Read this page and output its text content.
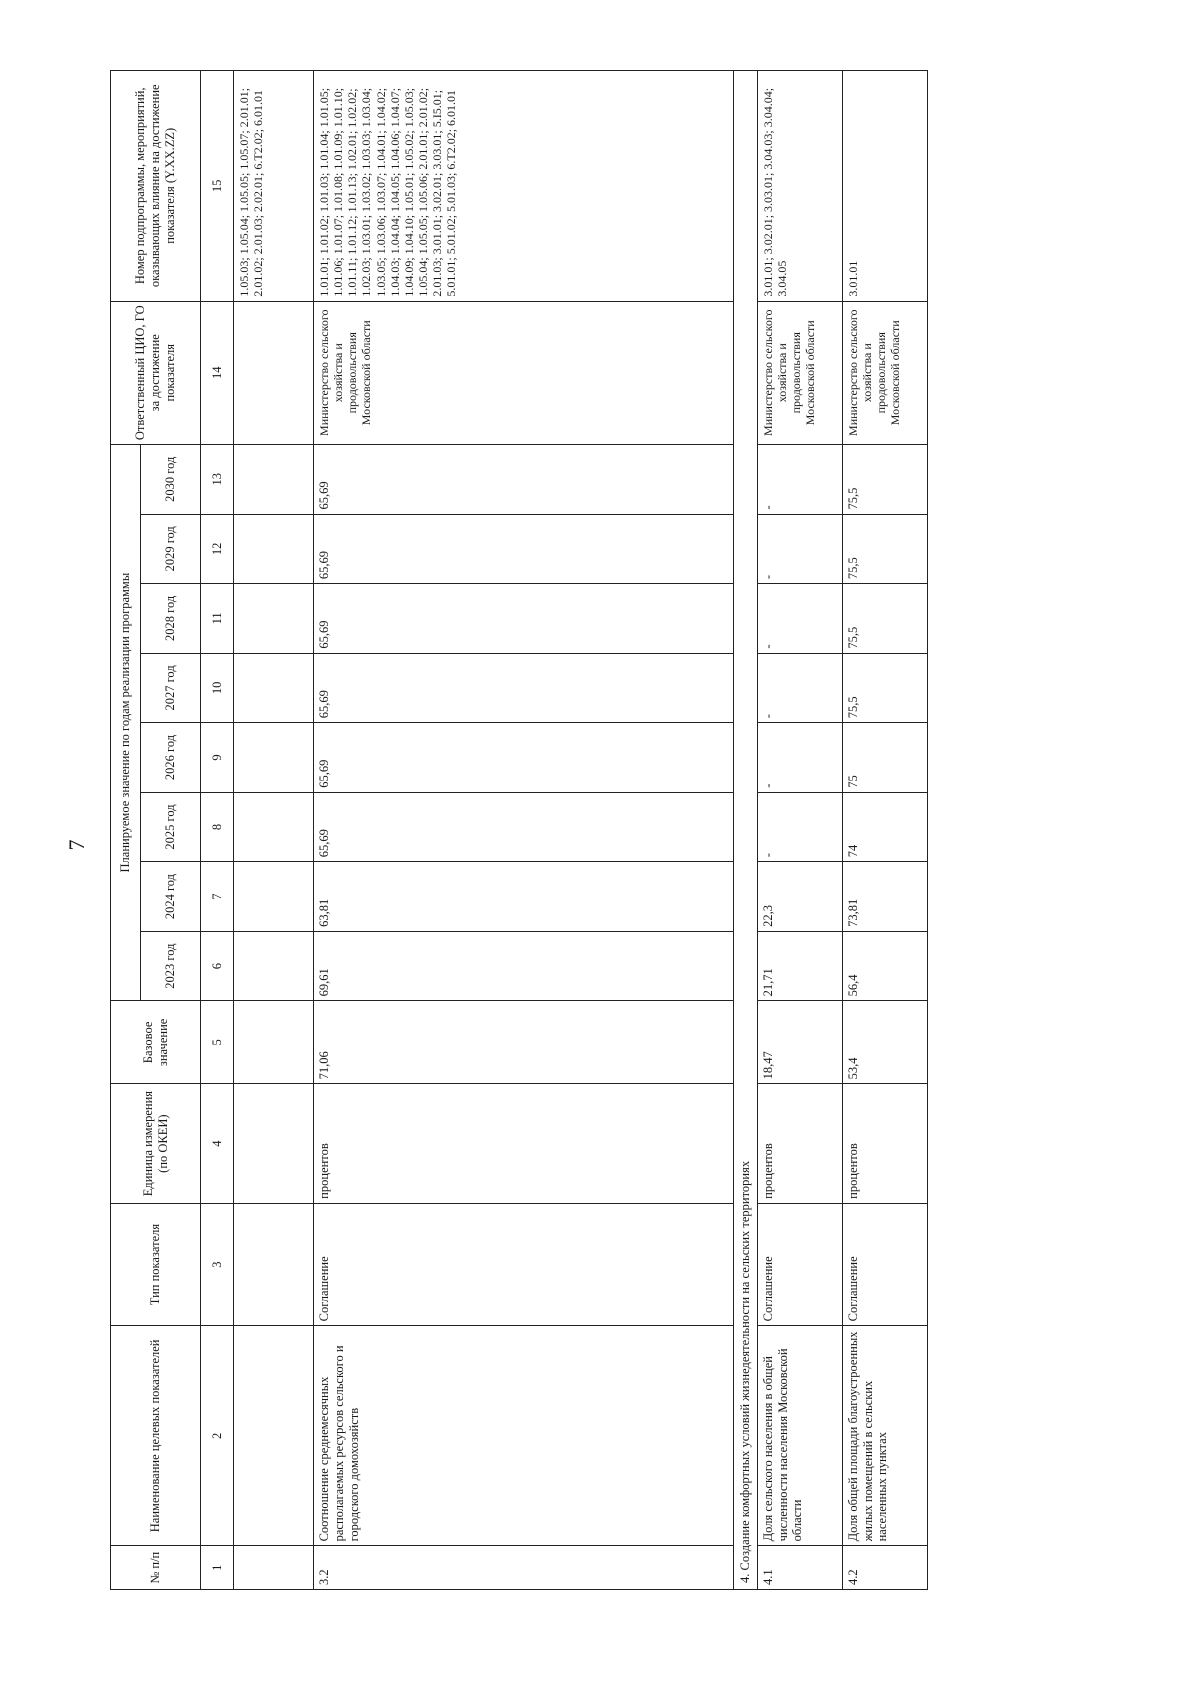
7
№ п/п	Наименование целевых показателей	Тип показателя	Единица измерения (по ОКЕИ)	Базовое значение	Планируемое значение по годам реализации программы								Ответственный ЦИО, ГО за достижение показателя	Номер подпрограммы, мероприятий, оказывающих влияние на достижение показателя (Y.XX.ZZ)
					2023 год	2024 год	2025 год	2026 год	2027 год	2028 год	2029 год	2030 год		
1	2	3	4	5	6	7	8	9	10	11	12	13	14	15
														1.05.03; 1.05.04; 1.05.05; 1.05.07; 2.01.01; 2.01.02; 2.01.03; 2.02.01; 6.Т2.02; 6.01.01
3.2	Соотношение среднемесячных располагаемых ресурсов сельского и городского домохозяйств	Соглашение	процентов	71,06	69,61	63,81	65,69	65,69	65,69	65,69	65,69	65,69	Министерство сельского хозяйства и продовольствия Московской области	1.01.01; 1.01.02; 1.01.03; 1.01.04; 1.01.05; 1.01.06; 1.01.07; 1.01.08; 1.01.09; 1.01.10; 1.01.11; 1.01.12; 1.01.13; 1.02.01; 1.02.02; 1.02.03; 1.03.01; 1.03.02; 1.03.03; 1.03.04; 1.03.05; 1.03.06; 1.03.07; 1.04.01; 1.04.02; 1.04.03; 1.04.04; 1.04.05; 1.04.06; 1.04.07; 1.04.09; 1.04.10; 1.05.01; 1.05.02; 1.05.03; 1.05.04; 1.05.05; 1.05.06; 2.01.01; 2.01.02; 2.01.03; 3.01.01; 3.02.01; 3.03.01; 5.I5.01; 5.01.01; 5.01.02; 5.01.03; 6.Т2.02; 6.01.01
4. Создание комфортных условий жизнедеятельности на сельских территориях														
4.1	Доля сельского населения в общей численности населения Московской области	Соглашение	процентов	18,47	21,71	22,3	-	-	-	-	-	-	Министерство сельского хозяйства и продовольствия Московской области	3.01.01; 3.02.01; 3.03.01; 3.04.03; 3.04.04; 3.04.05
4.2	Доля общей площади благоустроенных жилых помещений в сельских населенных пунктах	Соглашение	процентов	53,4	56,4	73,81	74	75	75,5	75,5	75,5	75,5	Министерство сельского хозяйства и продовольствия Московской области	3.01.01
